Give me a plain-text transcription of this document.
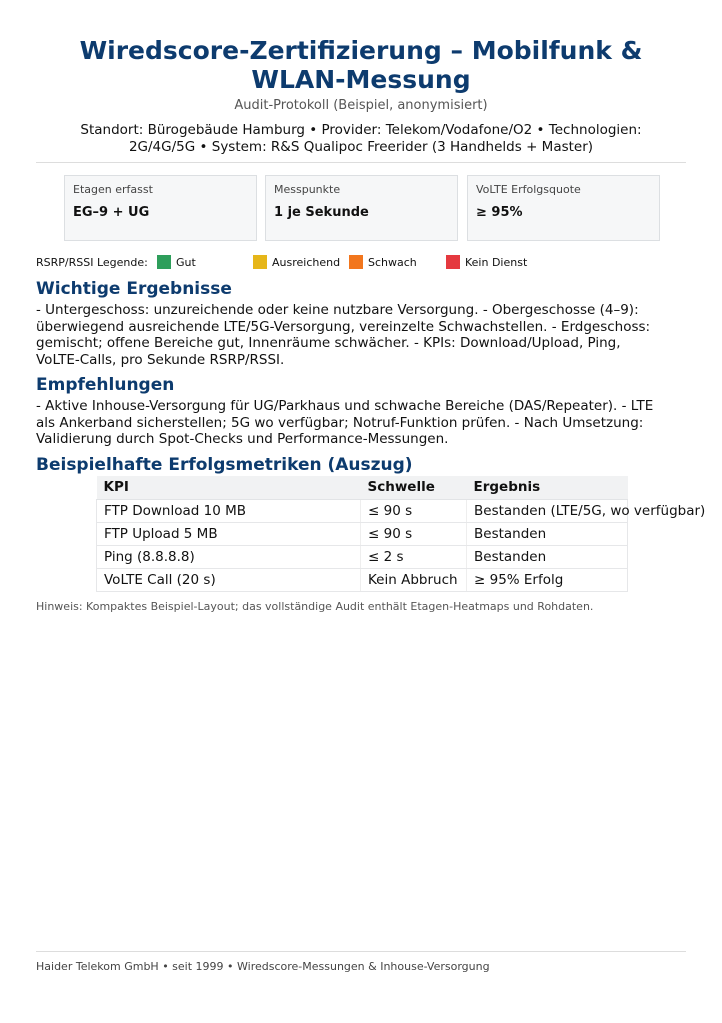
Wiredscore-Zertifizierung – Mobilfunk &
WLAN-Messung
Audit-Protokoll (Beispiel, anonymisiert)
Standort: Bürogebäude Hamburg • Provider: Telekom/Vodafone/O2 • Technologien:
2G/4G/5G • System: R&S Qualipoc Freerider (3 Handhelds + Master)
Etagen erfasst
EG–9 + UG
Messpunkte
1 je Sekunde
VoLTE Erfolgsquote
≥ 95%
RSRP/RSSI Legende:	Gut	Ausreichend	Schwach	Kein Dienst
Wichtige Ergebnisse
- Untergeschoss: unzureichende oder keine nutzbare Versorgung. - Obergeschosse (4–9):
überwiegend ausreichende LTE/5G-Versorgung, vereinzelte Schwachstellen. - Erdgeschoss:
gemischt; offene Bereiche gut, Innenräume schwächer. - KPIs: Download/Upload, Ping,
VoLTE-Calls, pro Sekunde RSRP/RSSI.
Empfehlungen
- Aktive Inhouse-Versorgung für UG/Parkhaus und schwache Bereiche (DAS/Repeater). - LTE
als Ankerband sicherstellen; 5G wo verfügbar; Notruf-Funktion prüfen. - Nach Umsetzung:
Validierung durch Spot-Checks und Performance-Messungen.
Beispielhafte Erfolgsmetriken (Auszug)
KPI	Schwelle	Ergebnis
FTP Download 10 MB	≤ 90 s	Bestanden (LTE/5G, wo verfügbar)
FTP Upload 5 MB	≤ 90 s	Bestanden
Ping (8.8.8.8)	≤ 2 s	Bestanden
VoLTE Call (20 s)	Kein Abbruch	≥ 95% Erfolg
Hinweis: Kompaktes Beispiel-Layout; das vollständige Audit enthält Etagen-Heatmaps und Rohdaten.
Haider Telekom GmbH • seit 1999 • Wiredscore-Messungen & Inhouse-Versorgung
